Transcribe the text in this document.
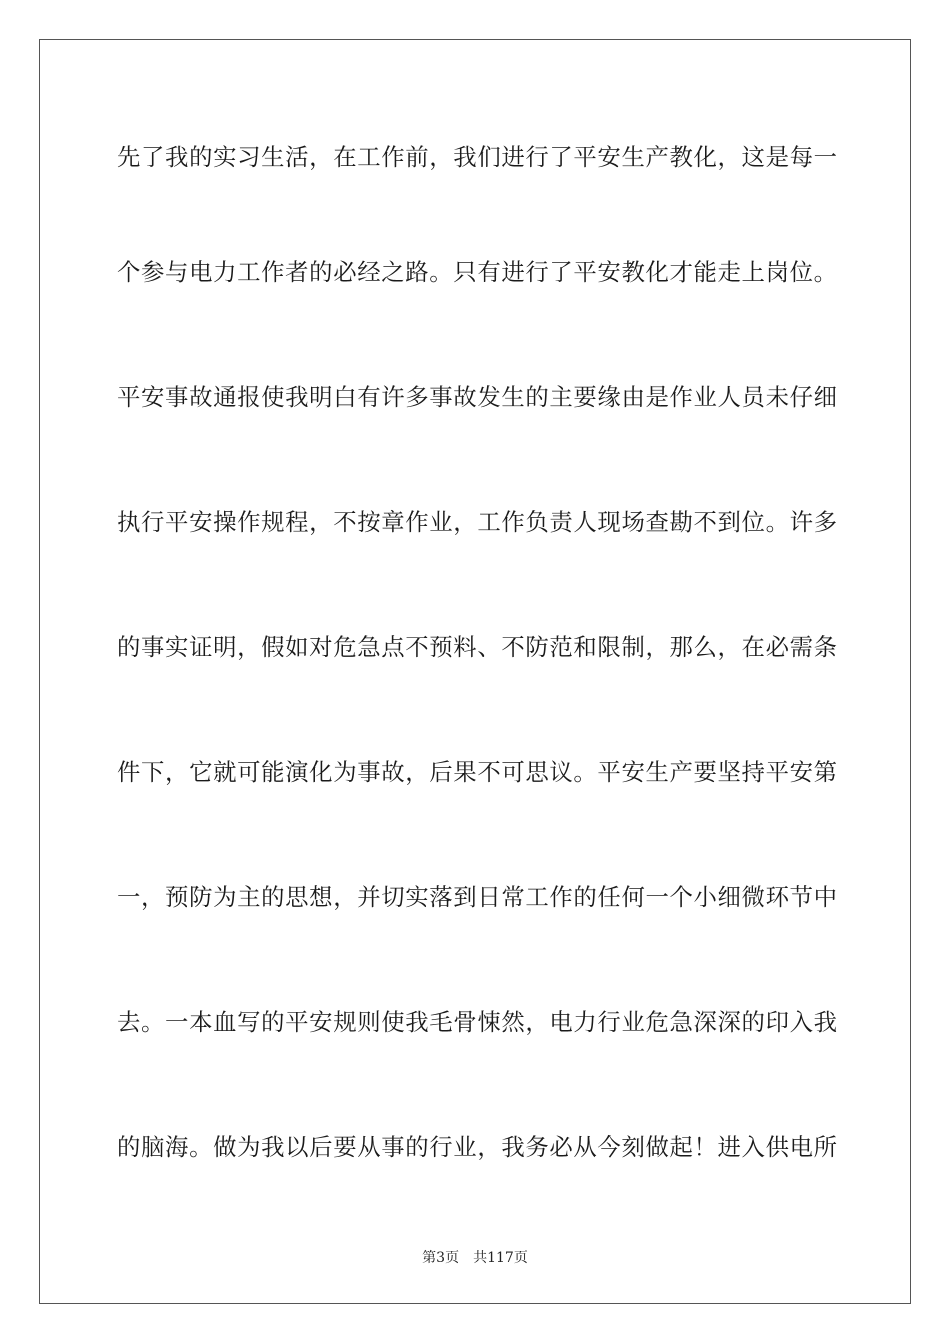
先了我的实习生活，在工作前，我们进行了平安生产教化，这是每一
个参与电力工作者的必经之路。只有进行了平安教化才能走上岗位。
平安事故通报使我明白有许多事故发生的主要缘由是作业人员未仔细
执行平安操作规程，不按章作业，工作负责人现场查勘不到位。许多
的事实证明，假如对危急点不预料、不防范和限制，那么，在必需条
件下，它就可能演化为事故，后果不可思议。平安生产要坚持平安第
一，预防为主的思想，并切实落到日常工作的任何一个小细微环节中
去。一本血写的平安规则使我毛骨悚然，电力行业危急深深的印入我
的脑海。做为我以后要从事的行业，我务必从今刻做起！进入供电所
第3页 共117页
